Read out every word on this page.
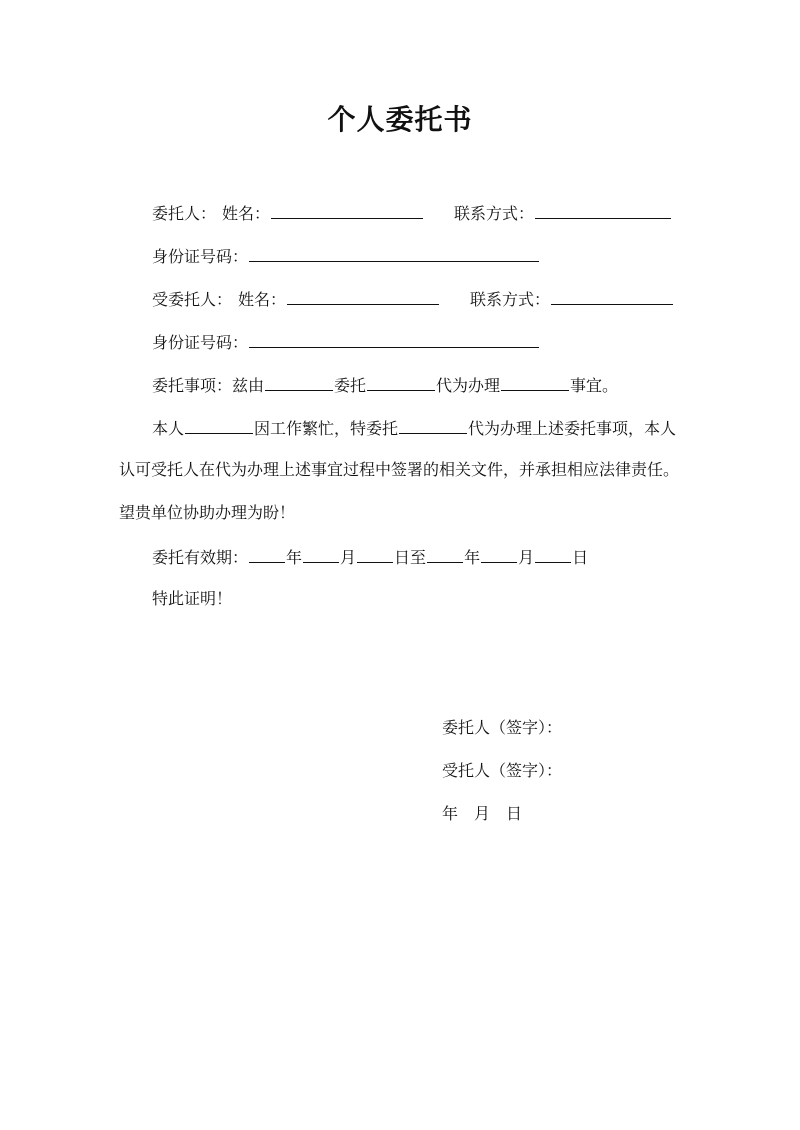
个人委托书
委托人： 姓名：	联系方式：
身份证号码：
受委托人： 姓名：	联系方式：
身份证号码：
委托事项：兹由	委托	代为办理	事宜。
本人	因工作繁忙，特委托	代为办理上述委托事项，本人
认可受托人在代为办理上述事宜过程中签署的相关文件，并承担相应法律责任。
望贵单位协助办理为盼！
委托有效期： 年 月 日至 年 月 日
特此证明！
委托人（签字）：
受托人（签字）：
年　月　日
